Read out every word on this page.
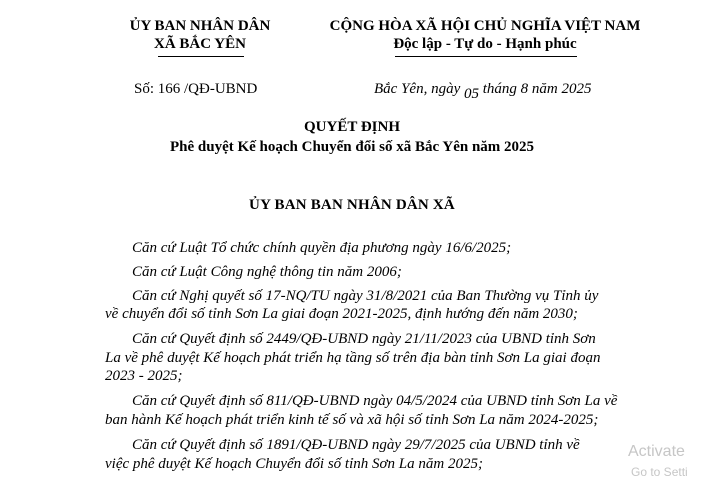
ỦY BAN NHÂN DÂN
XÃ BẮC YÊN
CỘNG HÒA XÃ HỘI CHỦ NGHĨA VIỆT NAM
Độc lập - Tự do - Hạnh phúc
Số: 166 /QĐ-UBND	Bắc Yên, ngày 05 tháng 8 năm 2025
QUYẾT ĐỊNH
Phê duyệt Kế hoạch Chuyển đổi số xã Bắc Yên năm 2025
ỦY BAN BAN NHÂN DÂN XÃ
Căn cứ Luật Tổ chức chính quyền địa phương ngày 16/6/2025;
Căn cứ Luật Công nghệ thông tin năm 2006;
Căn cứ Nghị quyết số 17-NQ/TU ngày 31/8/2021 của Ban Thường vụ Tỉnh ủy
về chuyển đổi số tỉnh Sơn La giai đoạn 2021-2025, định hướng đến năm 2030;
Căn cứ Quyết định số 2449/QĐ-UBND ngày 21/11/2023 của UBND tỉnh Sơn
La về phê duyệt Kế hoạch phát triển hạ tầng số trên địa bàn tỉnh Sơn La giai đoạn
2023 - 2025;
Căn cứ Quyết định số 811/QĐ-UBND ngày 04/5/2024 của UBND tỉnh Sơn La về
ban hành Kế hoạch phát triển kinh tế số và xã hội số tỉnh Sơn La năm 2024-2025;
Căn cứ Quyết định số 1891/QĐ-UBND ngày 29/7/2025 của UBND tỉnh về
việc phê duyệt Kế hoạch Chuyển đổi số tỉnh Sơn La năm 2025;
Activate
Go to Setti
